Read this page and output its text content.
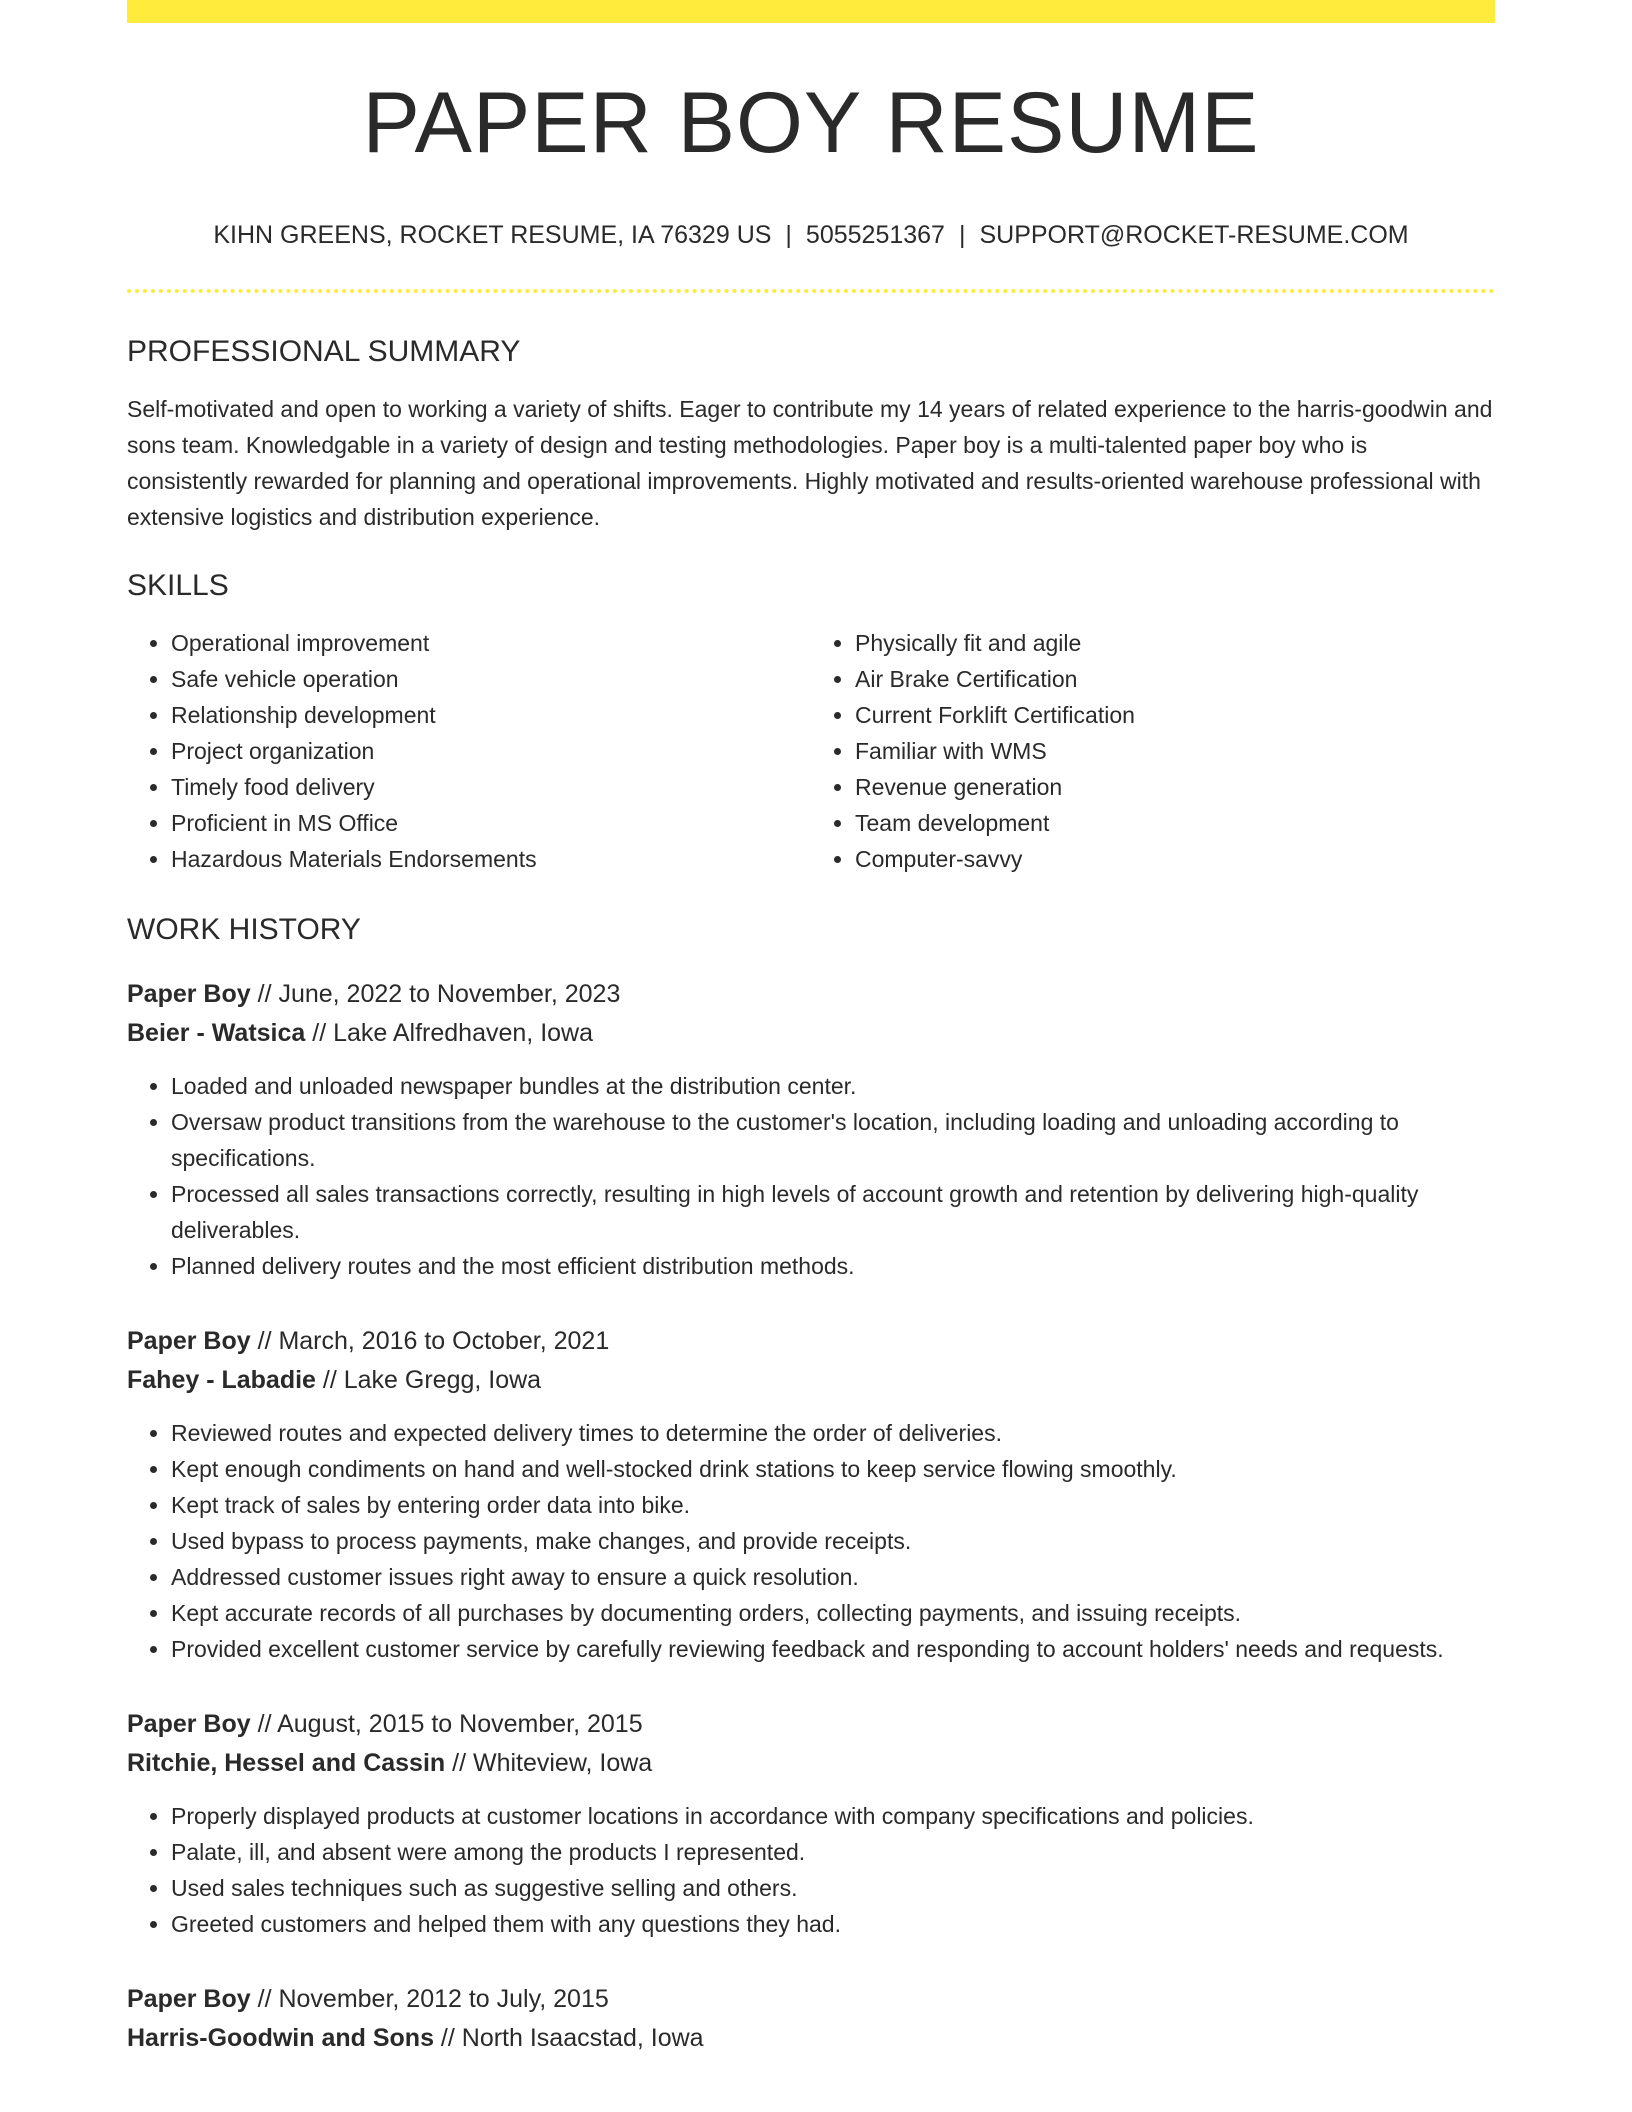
PAPER BOY RESUME
KIHN GREENS, ROCKET RESUME, IA 76329 US | 5055251367 | SUPPORT@ROCKET-RESUME.COM
PROFESSIONAL SUMMARY
Self-motivated and open to working a variety of shifts. Eager to contribute my 14 years of related experience to the harris-goodwin and sons team. Knowledgable in a variety of design and testing methodologies. Paper boy is a multi-talented paper boy who is consistently rewarded for planning and operational improvements. Highly motivated and results-oriented warehouse professional with extensive logistics and distribution experience.
SKILLS
• Operational improvement
• Safe vehicle operation
• Relationship development
• Project organization
• Timely food delivery
• Proficient in MS Office
• Hazardous Materials Endorsements
• Physically fit and agile
• Air Brake Certification
• Current Forklift Certification
• Familiar with WMS
• Revenue generation
• Team development
• Computer-savvy
WORK HISTORY
Paper Boy // June, 2022 to November, 2023
Beier - Watsica // Lake Alfredhaven, Iowa
• Loaded and unloaded newspaper bundles at the distribution center.
• Oversaw product transitions from the warehouse to the customer's location, including loading and unloading according to specifications.
• Processed all sales transactions correctly, resulting in high levels of account growth and retention by delivering high-quality deliverables.
• Planned delivery routes and the most efficient distribution methods.
Paper Boy // March, 2016 to October, 2021
Fahey - Labadie // Lake Gregg, Iowa
• Reviewed routes and expected delivery times to determine the order of deliveries.
• Kept enough condiments on hand and well-stocked drink stations to keep service flowing smoothly.
• Kept track of sales by entering order data into bike.
• Used bypass to process payments, make changes, and provide receipts.
• Addressed customer issues right away to ensure a quick resolution.
• Kept accurate records of all purchases by documenting orders, collecting payments, and issuing receipts.
• Provided excellent customer service by carefully reviewing feedback and responding to account holders' needs and requests.
Paper Boy // August, 2015 to November, 2015
Ritchie, Hessel and Cassin // Whiteview, Iowa
• Properly displayed products at customer locations in accordance with company specifications and policies.
• Palate, ill, and absent were among the products I represented.
• Used sales techniques such as suggestive selling and others.
• Greeted customers and helped them with any questions they had.
Paper Boy // November, 2012 to July, 2015
Harris-Goodwin and Sons // North Isaacstad, Iowa
